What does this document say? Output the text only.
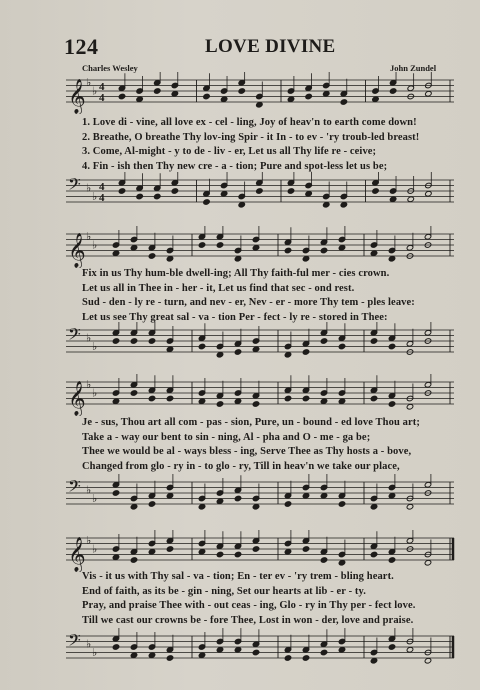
124	LOVE DIVINE
Charles Wesley	John Zundel
𝄞 ♭
♭ 4
4
1. Love di - vine, all love ex - cel - ling, Joy of heav'n to earth come down!
2. Breathe, O breathe Thy lov-ing Spir - it In - to ev - 'ry troub-led breast!
3. Come, Al-might - y to de - liv - er, Let us all Thy life re - ceive;
4. Fin - ish then Thy new cre - a - tion; Pure and spot-less let us be;
𝄢 ♭
♭
4
4
𝄞 ♭
♭
Fix in us Thy hum-ble dwell-ing; All Thy faith-ful mer - cies crown.
Let us all in Thee in - her - it, Let us find that sec - ond rest.
Sud - den - ly re - turn, and nev - er, Nev - er - more Thy tem - ples leave:
Let us see Thy great sal - va - tion Per - fect - ly re - stored in Thee:
𝄢 ♭
♭
𝄞 ♭
♭
Je - sus, Thou art all com - pas - sion, Pure, un - bound - ed love Thou art;
Take a - way our bent to sin - ning, Al - pha and O - me - ga be;
Thee we would be al - ways bless - ing, Serve Thee as Thy hosts a - bove,
Changed from glo - ry in - to glo - ry, Till in heav'n we take our place,
𝄢 ♭
♭
𝄞 ♭
♭
Vis - it us with Thy sal - va - tion; En - ter ev - 'ry trem - bling heart.
End of faith, as its be - gin - ning, Set our hearts at lib - er - ty.
Pray, and praise Thee with - out ceas - ing, Glo - ry in Thy per - fect love.
Till we cast our crowns be - fore Thee, Lost in won - der, love and praise.
𝄢 ♭
♭
